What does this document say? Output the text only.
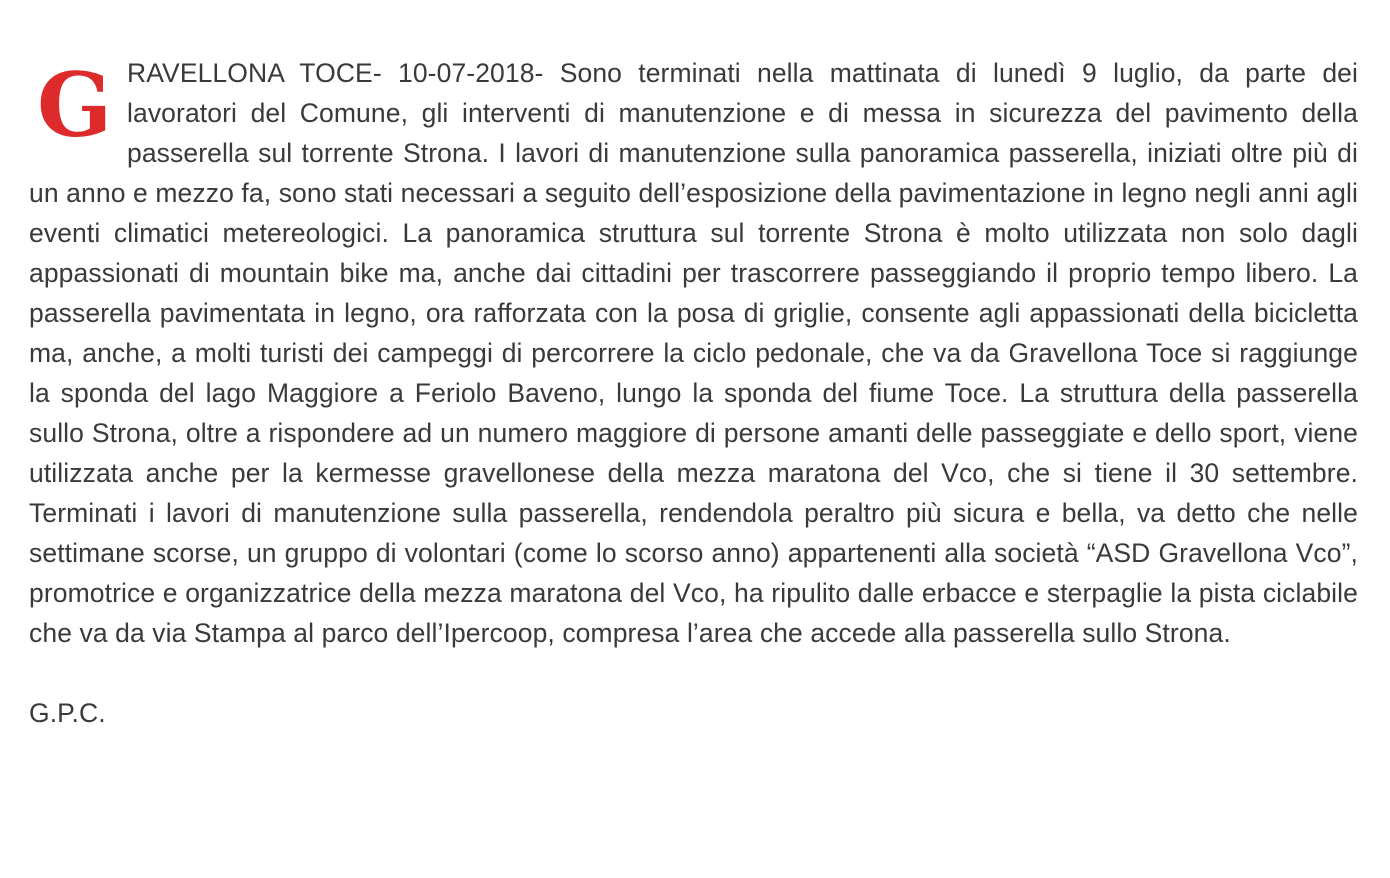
GRAVELLONA TOCE- 10-07-2018- Sono terminati nella mattinata di lunedì 9 luglio, da parte dei lavoratori del Comune, gli interventi di manutenzione e di messa in sicurezza del pavimento della passerella sul torrente Strona. I lavori di manutenzione sulla panoramica passerella, iniziati oltre più di un anno e mezzo fa, sono stati necessari a seguito dell’esposizione della pavimentazione in legno negli anni agli eventi climatici metereologici. La panoramica struttura sul torrente Strona è molto utilizzata non solo dagli appassionati di mountain bike ma, anche dai cittadini per trascorrere passeggiando il proprio tempo libero. La passerella pavimentata in legno, ora rafforzata con la posa di griglie, consente agli appassionati della bicicletta ma, anche, a molti turisti dei campeggi di percorrere la ciclo pedonale, che va da Gravellona Toce si raggiunge la sponda del lago Maggiore a Feriolo Baveno, lungo la sponda del fiume Toce. La struttura della passerella sullo Strona, oltre a rispondere ad un numero maggiore di persone amanti delle passeggiate e dello sport, viene utilizzata anche per la kermesse gravellonese della mezza maratona del Vco, che si tiene il 30 settembre. Terminati i lavori di manutenzione sulla passerella, rendendola peraltro più sicura e bella, va detto che nelle settimane scorse, un gruppo di volontari (come lo scorso anno) appartenenti alla società “ASD Gravellona Vco”, promotrice e organizzatrice della mezza maratona del Vco, ha ripulito dalle erbacce e sterpaglie la pista ciclabile che va da via Stampa al parco dell’Ipercoop, compresa l’area che accede alla passerella sullo Strona.

G.P.C.
